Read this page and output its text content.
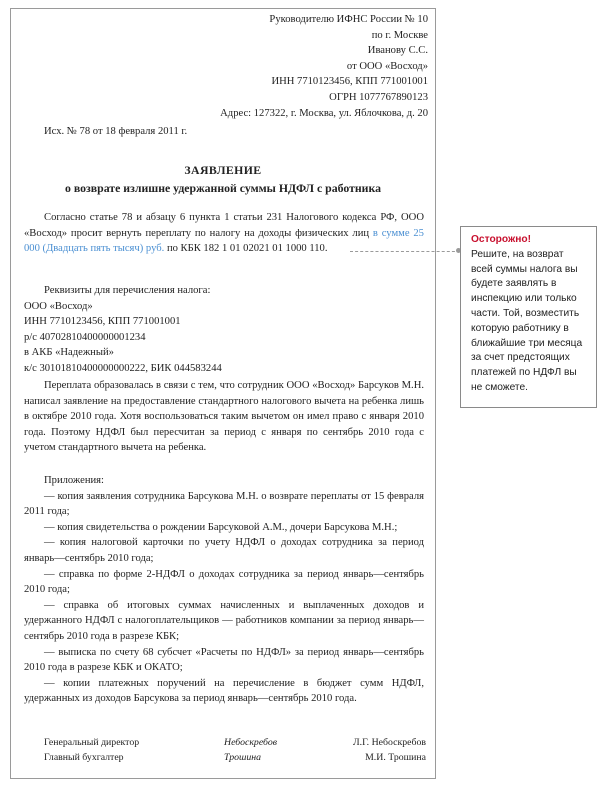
Руководителю ИФНС России № 10
по г. Москве
Иванову С.С.
от ООО «Восход»
ИНН 7710123456, КПП 771001001
ОГРН 1077767890123
Адрес: 127322, г. Москва, ул. Яблочкова, д. 20
Исх. № 78 от 18 февраля 2011 г.
ЗАЯВЛЕНИЕ
о возврате излишне удержанной суммы НДФЛ с работника

Согласно статье 78 и абзацу 6 пункта 1 статьи 231 Налогового кодекса РФ, ООО «Восход» просит вернуть переплату по налогу на доходы физических лиц в сумме 25 000 (Двадцать пять тысяч) руб. по КБК 182 1 01 02021 01 1000 110.

Реквизиты для перечисления налога:
ООО «Восход»
ИНН 7710123456, КПП 771001001
р/с 40702810400000001234
в АКБ «Надежный»
к/с 30101810400000000222, БИК 044583244

Переплата образовалась в связи с тем, что сотрудник ООО «Восход» Барсуков М.Н. написал заявление на предоставление стандартного налогового вычета на ребенка лишь в октябре 2010 года. Хотя воспользоваться таким вычетом он имел право с января 2010 года. Поэтому НДФЛ был пересчитан за период с января по сентябрь 2010 года с учетом стандартного вычета на ребенка.

Приложения:
— копия заявления сотрудника Барсукова М.Н. о возврате переплаты от 15 февраля 2011 года;
— копия свидетельства о рождении Барсуковой А.М., дочери Барсукова М.Н.;
— копия налоговой карточки по учету НДФЛ о доходах сотрудника за период январь—сентябрь 2010 года;
— справка по форме 2-НДФЛ о доходах сотрудника за период январь—сентябрь 2010 года;
— справка об итоговых суммах начисленных и выплаченных доходов и удержанного НДФЛ с налогоплательщиков — работников компании за период январь—сентябрь 2010 года в разрезе КБК;
— выписка по счету 68 субсчет «Расчеты по НДФЛ» за период январь—сентябрь 2010 года в разрезе КБК и ОКАТО;
— копии платежных поручений на перечисление в бюджет сумм НДФЛ, удержанных из доходов Барсукова за период январь—сентябрь 2010 года.
Генеральный директор	Небоскребов	Л.Г. Небоскребов
Главный бухгалтер	Трошина	М.И. Трошина
Осторожно!
Решите, на возврат всей суммы налога вы будете заявлять в инспекцию или только части. Той, возместить которую работнику в ближайшие три месяца за счет предстоящих платежей по НДФЛ вы не сможете.
